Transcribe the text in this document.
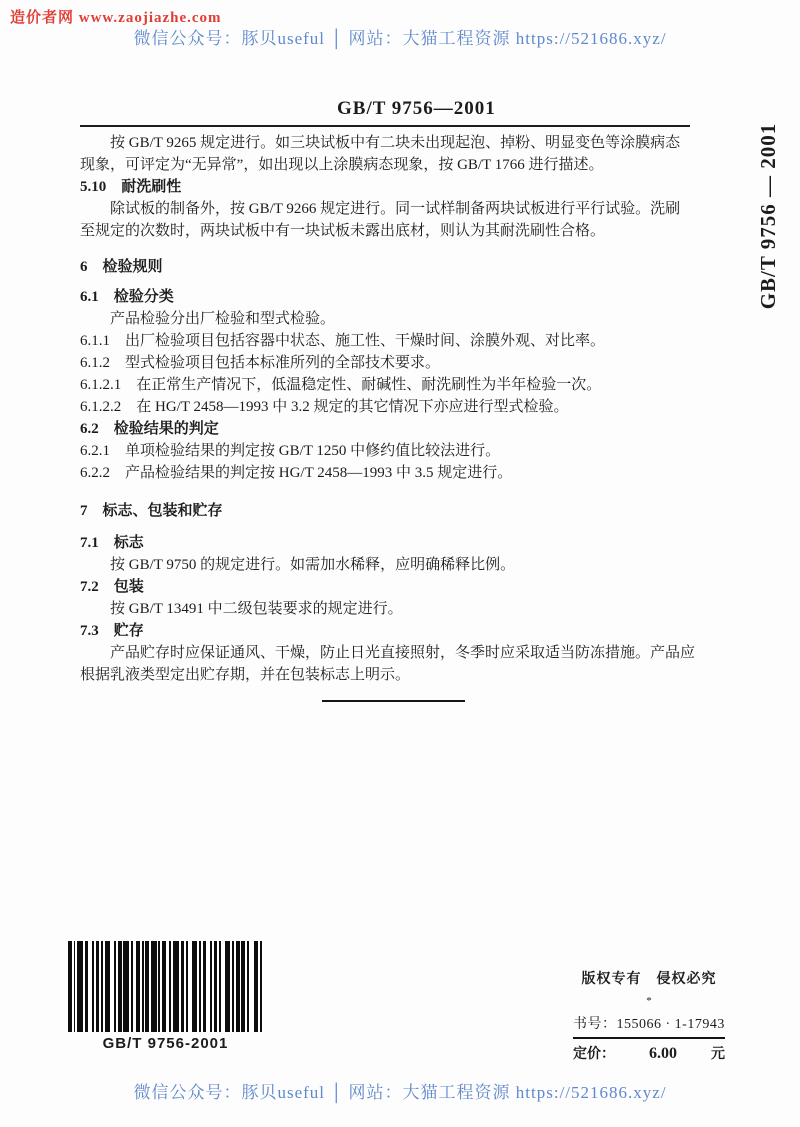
造价者网 www.zaojiazhe.com
微信公众号：豚贝useful │ 网站：大猫工程资源 https://521686.xyz/
GB/T 9756—2001
GB/T 9756 — 2001

按 GB/T 9265 规定进行。如三块试板中有二块未出现起泡、掉粉、明显变色等涂膜病态现象，可评定为“无异常”，如出现以上涂膜病态现象，按 GB/T 1766 进行描述。

5.10　耐洗刷性

除试板的制备外，按 GB/T 9266 规定进行。同一试样制备两块试板进行平行试验。洗刷至规定的次数时，两块试板中有一块试板未露出底材，则认为其耐洗刷性合格。

6　检验规则
6.1　检验分类

产品检验分出厂检验和型式检验。

6.1.1　出厂检验项目包括容器中状态、施工性、干燥时间、涂膜外观、对比率。

6.1.2　型式检验项目包括本标准所列的全部技术要求。

6.1.2.1　在正常生产情况下，低温稳定性、耐碱性、耐洗刷性为半年检验一次。

6.1.2.2　在 HG/T 2458—1993 中 3.2 规定的其它情况下亦应进行型式检验。

6.2　检验结果的判定

6.2.1　单项检验结果的判定按 GB/T 1250 中修约值比较法进行。

6.2.2　产品检验结果的判定按 HG/T 2458—1993 中 3.5 规定进行。

7　标志、包装和贮存
7.1　标志

按 GB/T 9750 的规定进行。如需加水稀释，应明确稀释比例。

7.2　包装

按 GB/T 13491 中二级包装要求的规定进行。

7.3　贮存

产品贮存时应保证通风、干燥，防止日光直接照射，冬季时应采取适当防冻措施。产品应根据乳液类型定出贮存期，并在包装标志上明示。

GB/T 9756-2001
版权专有　侵权必究
*
书号：155066 · 1-17943
定价：	6.00	元
微信公众号：豚贝useful │ 网站：大猫工程资源 https://521686.xyz/
